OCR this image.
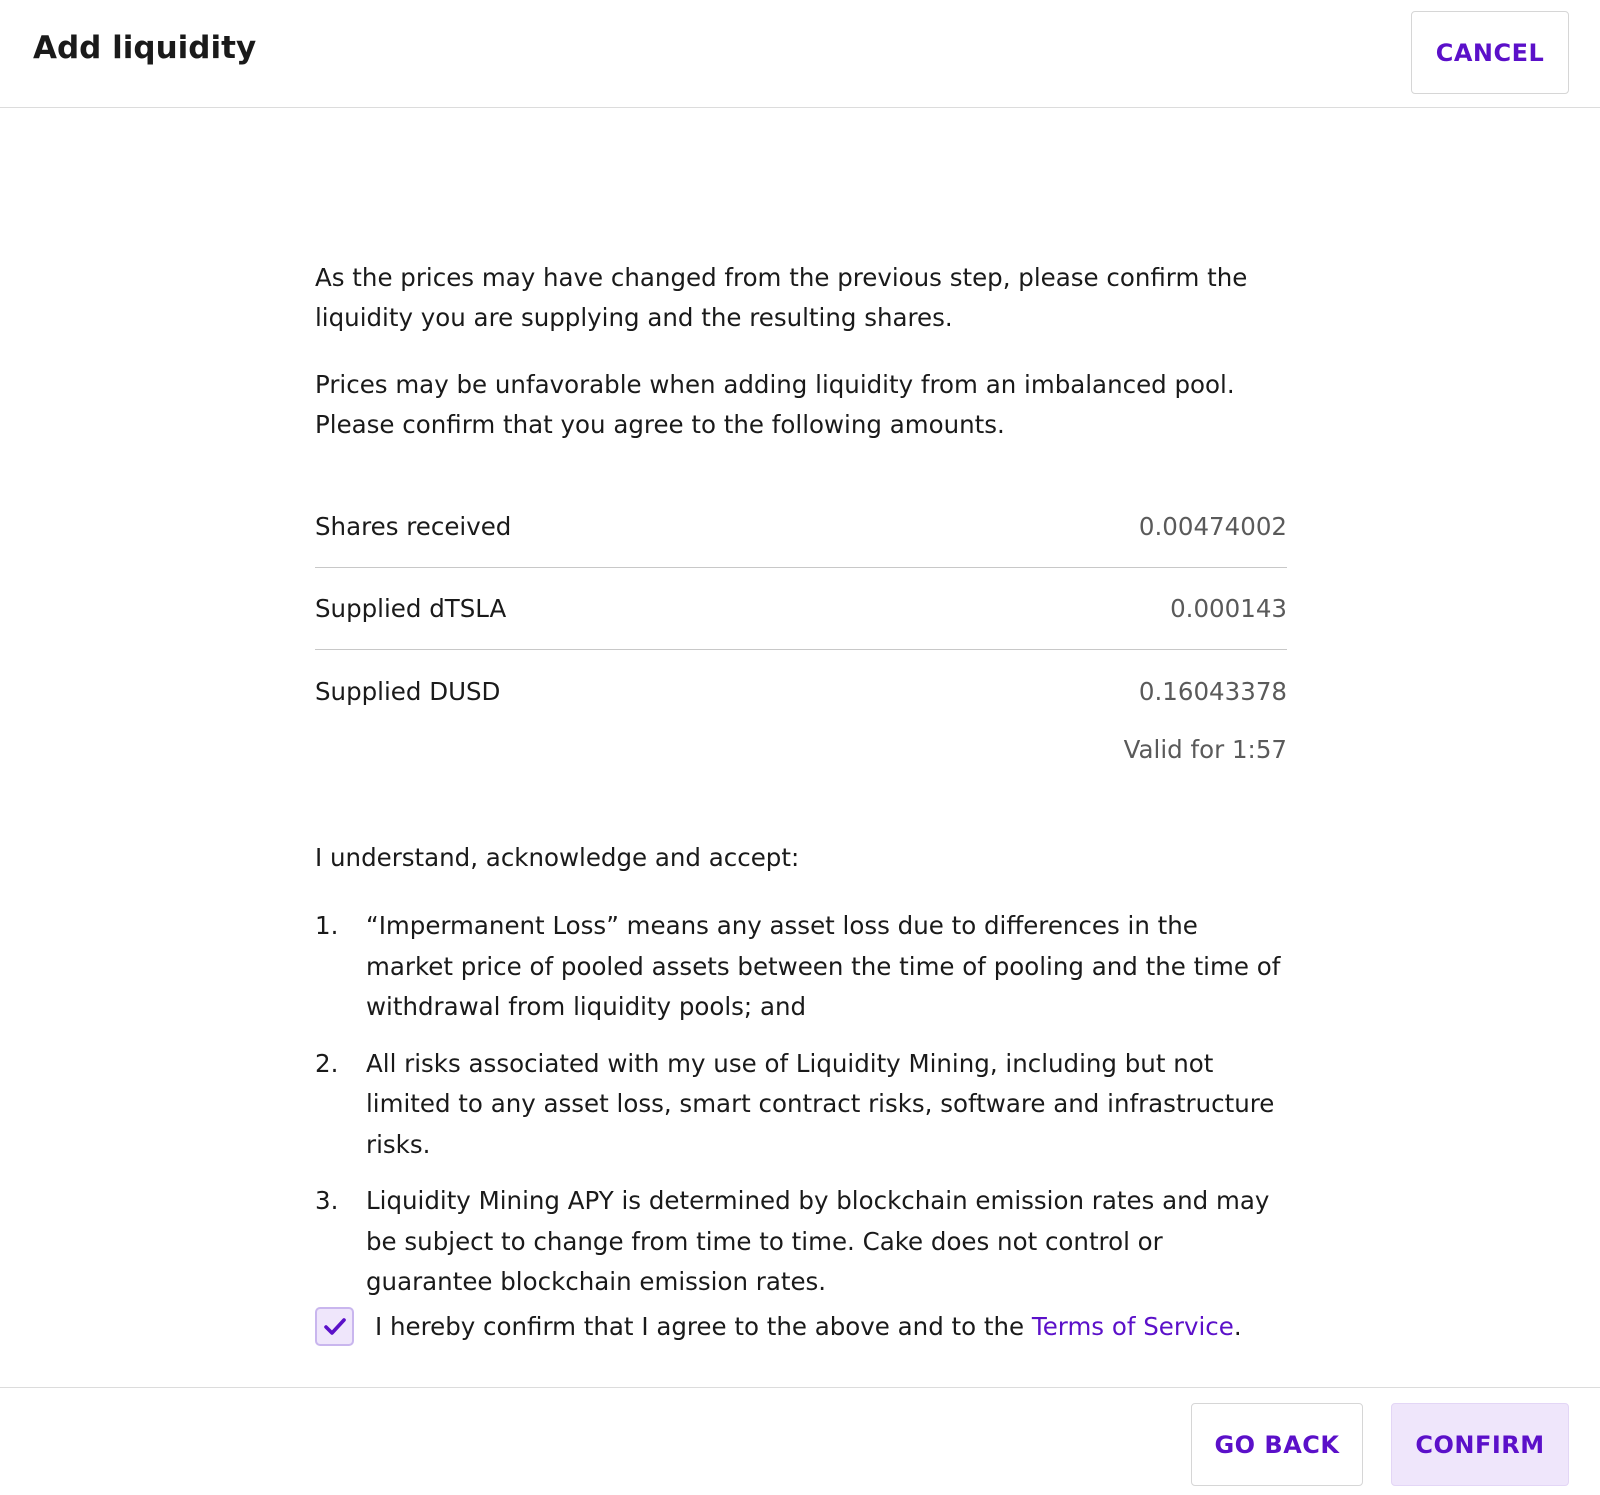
Add liquidity	CANCEL

As the prices may have changed from the previous step, please confirm the liquidity you are supplying and the resulting shares.

Prices may be unfavorable when adding liquidity from an imbalanced pool. Please confirm that you agree to the following amounts.

Shares received	0.00474002
Supplied dTSLA	0.000143
Supplied DUSD	0.16043378
Valid for 1:57
I understand, acknowledge and accept:
1.	“Impermanent Loss” means any asset loss due to differences in the market price of pooled assets between the time of pooling and the time of withdrawal from liquidity pools; and
2.	All risks associated with my use of Liquidity Mining, including but not limited to any asset loss, smart contract risks, software and infrastructure risks.
3.	Liquidity Mining APY is determined by blockchain emission rates and may be subject to change from time to time. Cake does not control or guarantee blockchain emission rates.
I hereby confirm that I agree to the above and to the Terms of Service.
GO BACK	CONFIRM
